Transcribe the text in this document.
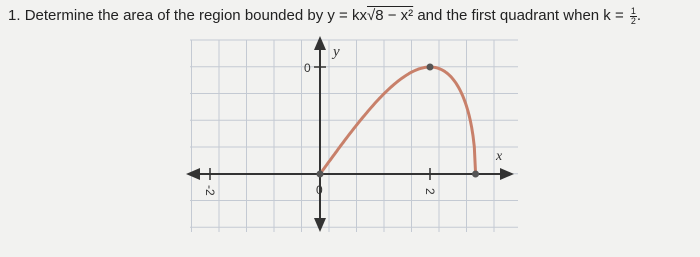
1. Determine the area of the region bounded by y = kx√8 − x² and the first quadrant when $k = \frac{1}{2}$ .
y
x
0
-2	0	2
